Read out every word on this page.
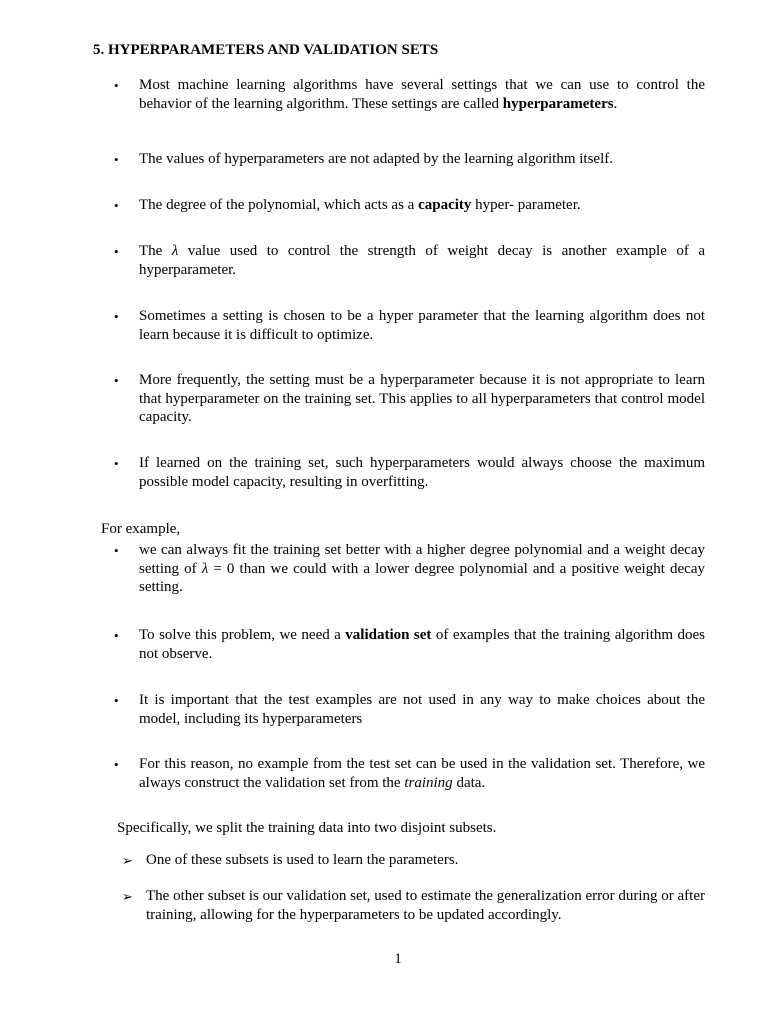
5. HYPERPARAMETERS AND VALIDATION SETS
•	Most machine learning algorithms have several settings that we can use to control the behavior of the learning algorithm. These settings are called hyperparameters.
•	The values of hyperparameters are not adapted by the learning algorithm itself.
•	The degree of the polynomial, which acts as a capacity hyper- parameter.
•	The λ value used to control the strength of weight decay is another example of a hyperparameter.
•	Sometimes a setting is chosen to be a hyper parameter that the learning algorithm does not learn because it is difficult to optimize.
•	More frequently, the setting must be a hyperparameter because it is not appropriate to learn that hyperparameter on the training set. This applies to all hyperparameters that control model capacity.
•	If learned on the training set, such hyperparameters would always choose the maximum possible model capacity, resulting in overfitting.
For example,
•	we can always fit the training set better with a higher degree polynomial and a weight decay setting of λ = 0 than we could with a lower degree polynomial and a positive weight decay setting.
•	To solve this problem, we need a validation set of examples that the training algorithm does not observe.
•	It is important that the test examples are not used in any way to make choices about the model, including its hyperparameters
•	For this reason, no example from the test set can be used in the validation set. Therefore, we always construct the validation set from the training data.
Specifically, we split the training data into two disjoint subsets.
➢ One of these subsets is used to learn the parameters.
➢ The other subset is our validation set, used to estimate the generalization error during or after training, allowing for the hyperparameters to be updated accordingly.
1
